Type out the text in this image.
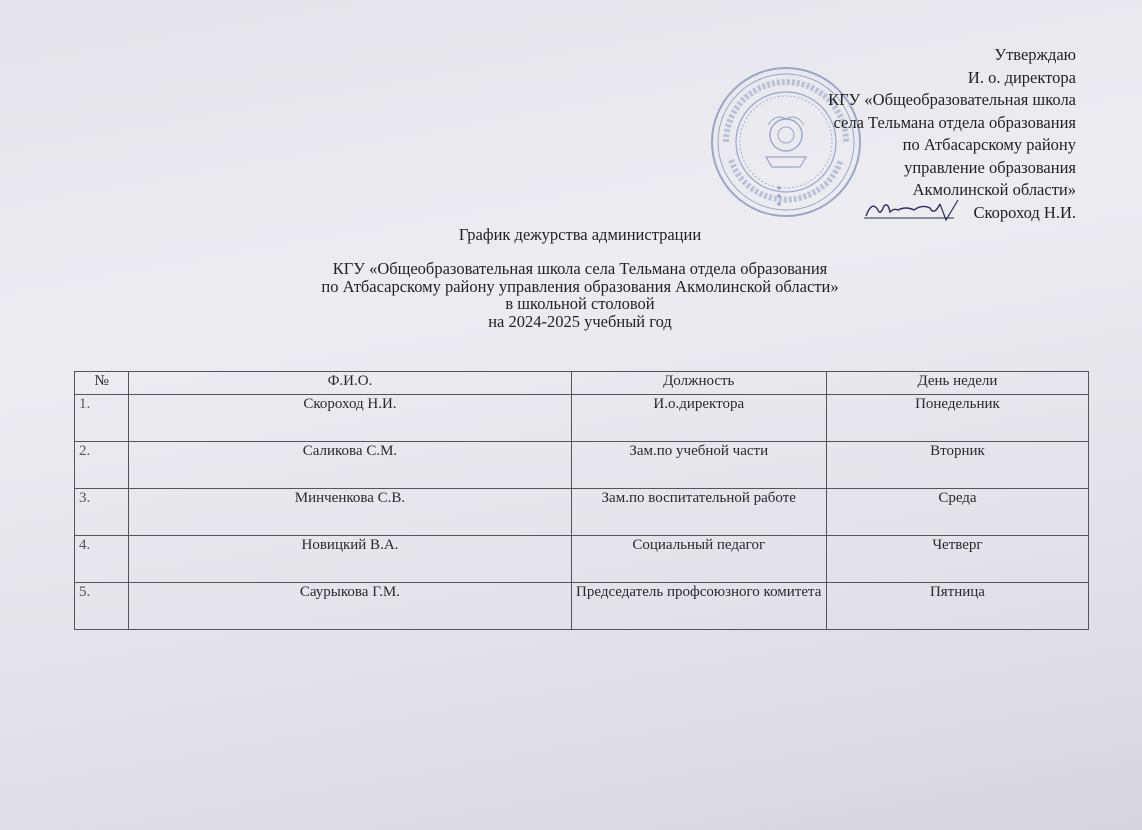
Утверждаю
И. о. директора
КГУ «Общеобразовательная школа
села Тельмана отдела образования
по Атбасарскому району
управление образования
Акмолинской области»
Скороход Н.И.
График дежурства администрации
КГУ «Общеобразовательная школа села Тельмана отдела образования
по Атбасарскому району управления образования Акмолинской области»
в школьной столовой
на 2024-2025 учебный год
№	Ф.И.О.	Должность	День недели
1.	Скороход Н.И.	И.о.директора	Понедельник
2.	Саликова С.М.	Зам.по учебной части	Вторник
3.	Минченкова С.В.	Зам.по воспитательной работе	Среда
4.	Новицкий В.А.	Социальный педагог	Четверг
5.	Саурыкова Г.М.	Председатель профсоюзного комитета	Пятница
